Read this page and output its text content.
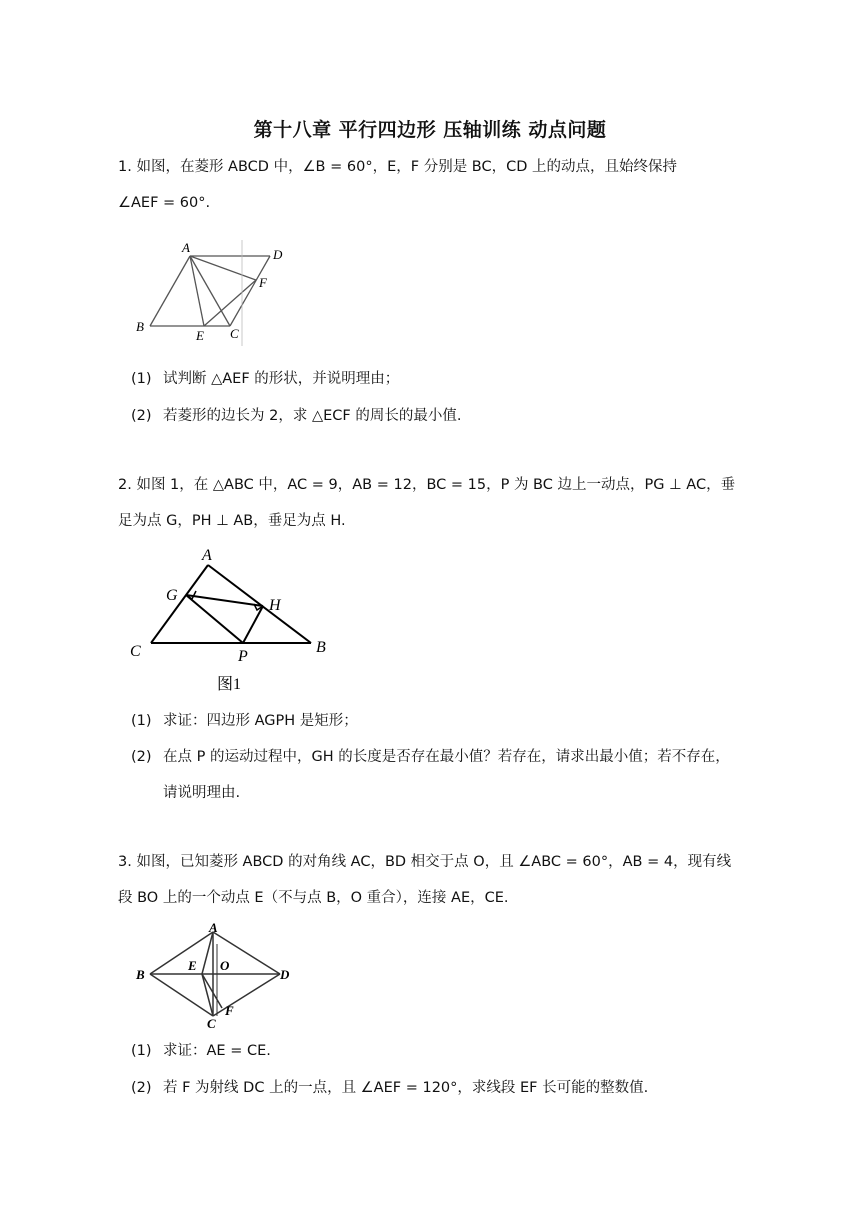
第十八章 平行四边形 压轴训练 动点问题
1. 如图，在菱形 ABCD 中，∠B = 60°，E，F 分别是 BC，CD 上的动点，且始终保持
∠AEF = 60°.
A	D
F
B
E C
(1) 试判断 △AEF 的形状，并说明理由；
(2) 若菱形的边长为 2，求 △ECF 的周长的最小值.
2. 如图 1，在 △ABC 中，AC = 9，AB = 12，BC = 15，P 为 BC 边上一动点，PG ⊥ AC，垂
足为点 G，PH ⊥ AB，垂足为点 H.
A
G
H
C	P
B
图1
(1) 求证：四边形 AGPH 是矩形；
(2) 在点 P 的运动过程中，GH 的长度是否存在最小值？若存在，请求出最小值；若不存在，
请说明理由.
3. 如图，已知菱形 ABCD 的对角线 AC，BD 相交于点 O，且 ∠ABC = 60°，AB = 4，现有线
段 BO 上的一个动点 E（不与点 B，O 重合），连接 AE，CE.
A
B
E O
D
C
F
(1) 求证：AE = CE.
(2) 若 F 为射线 DC 上的一点，且 ∠AEF = 120°，求线段 EF 长可能的整数值.
